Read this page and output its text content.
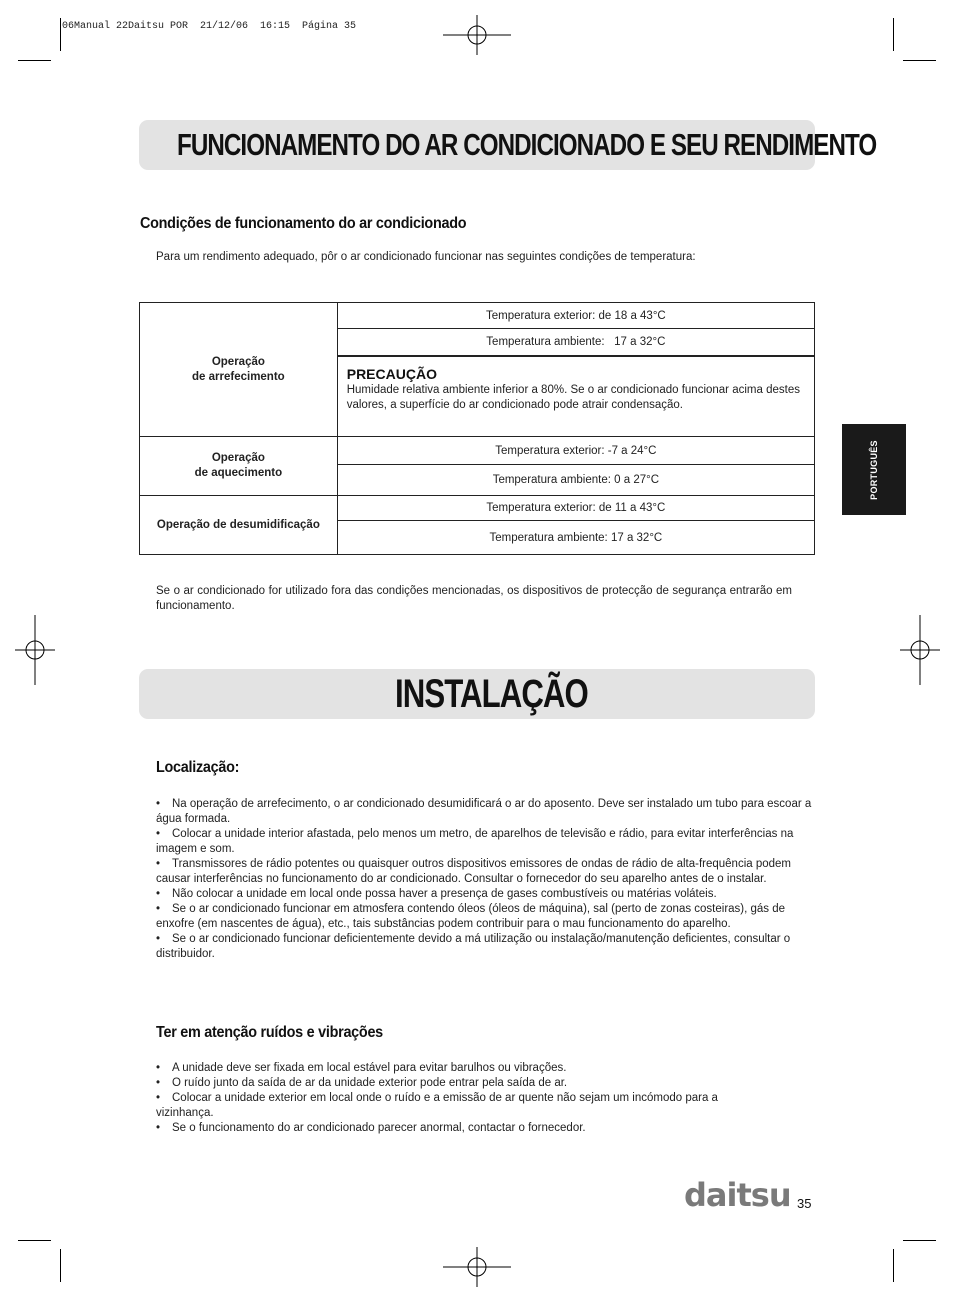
06Manual 22Daitsu POR  21/12/06  16:15  Página 35
FUNCIONAMENTO DO AR CONDICIONADO E SEU RENDIMENTO
Condições de funcionamento do ar condicionado
Para um rendimento adequado, pôr o ar condicionado funcionar nas seguintes condições de temperatura:
Operação
de arrefecimento	Temperatura exterior: de 18 a 43°C
	Temperatura ambiente:   17 a 32°C

	PRECAUÇÃO
Humidade relativa ambiente inferior a 80%. Se o ar condicionado funcionar acima destes valores, a superfície do ar condicionado pode atrair condensação.

Operação
de aquecimento	Temperatura exterior: -7 a 24°C
	Temperatura ambiente: 0 a 27°C
Operação de desumidificação	Temperatura exterior: de 11 a 43°C
	Temperatura ambiente: 17 a 32°C
Se o ar condicionado for utilizado fora das condições mencionadas, os dispositivos de protecção de segurança entrarão em funcionamento.
PORTUGUÊS
INSTALAÇÃO
Localização:
• Na operação de arrefecimento, o ar condicionado desumidificará o ar do aposento. Deve ser instalado um tubo para escoar a água formada.
• Colocar a unidade interior afastada, pelo menos um metro, de aparelhos de televisão e rádio, para evitar interferências na imagem e som.
• Transmissores de rádio potentes ou quaisquer outros dispositivos emissores de ondas de rádio de alta-frequência podem causar interferências no funcionamento do ar condicionado. Consultar o fornecedor do seu aparelho antes de o instalar.
• Não colocar a unidade em local onde possa haver a presença de gases combustíveis ou matérias voláteis.
• Se o ar condicionado funcionar em atmosfera contendo óleos (óleos de máquina), sal (perto de zonas costeiras), gás de enxofre (em nascentes de água), etc., tais substâncias podem contribuir para o mau funcionamento do aparelho.
• Se o ar condicionado funcionar deficientemente devido a má utilização ou instalação/manutenção deficientes, consultar o distribuidor.
Ter em atenção ruídos e vibrações
• A unidade deve ser fixada em local estável para evitar barulhos ou vibrações.
• O ruído junto da saída de ar da unidade exterior pode entrar pela saída de ar.
• Colocar a unidade exterior em local onde o ruído e a emissão de ar quente não sejam um incómodo para a vizinhança.
• Se o funcionamento do ar condicionado parecer anormal, contactar o fornecedor.
daitsu 35
